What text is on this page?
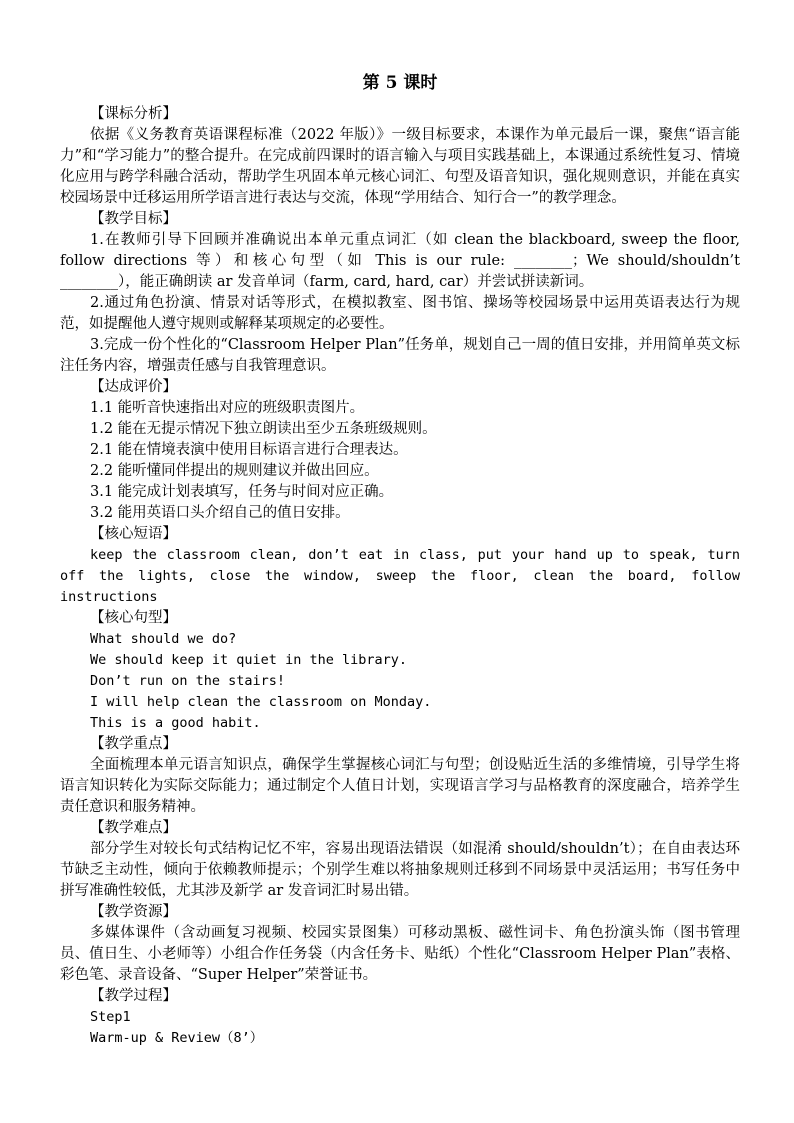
第 5 课时
【课标分析】

依据《义务教育英语课程标准（2022 年版）》一级目标要求，本课作为单元最后一课，聚焦“语言能力”和“学习能力”的整合提升。在完成前四课时的语言输入与项目实践基础上，本课通过系统性复习、情境化应用与跨学科融合活动，帮助学生巩固本单元核心词汇、句型及语音知识，强化规则意识，并能在真实校园场景中迁移运用所学语言进行表达与交流，体现“学用结合、知行合一”的教学理念。

【教学目标】

1.在教师引导下回顾并准确说出本单元重点词汇（如 clean the blackboard, sweep the floor, follow directions 等）和核心句型（如 This is our rule: ________；We should/shouldn’t ________），能正确朗读 ar 发音单词（farm, card, hard, car）并尝试拼读新词。

2.通过角色扮演、情景对话等形式，在模拟教室、图书馆、操场等校园场景中运用英语表达行为规范，如提醒他人遵守规则或解释某项规定的必要性。

3.完成一份个性化的“Classroom Helper Plan”任务单，规划自己一周的值日安排，并用简单英文标注任务内容，增强责任感与自我管理意识。

【达成评价】

1.1 能听音快速指出对应的班级职责图片。

1.2 能在无提示情况下独立朗读出至少五条班级规则。

2.1 能在情境表演中使用目标语言进行合理表达。

2.2 能听懂同伴提出的规则建议并做出回应。

3.1 能完成计划表填写，任务与时间对应正确。

3.2 能用英语口头介绍自己的值日安排。

【核心短语】

keep the classroom clean, don’t eat in class, put your hand up to speak, turn off the lights, close the window, sweep the floor, clean the board, follow instructions

【核心句型】

What should we do?

We should keep it quiet in the library.

Don’t run on the stairs!

I will help clean the classroom on Monday.

This is a good habit.

【教学重点】

全面梳理本单元语言知识点，确保学生掌握核心词汇与句型；创设贴近生活的多维情境，引导学生将语言知识转化为实际交际能力；通过制定个人值日计划，实现语言学习与品格教育的深度融合，培养学生责任意识和服务精神。

【教学难点】

部分学生对较长句式结构记忆不牢，容易出现语法错误（如混淆 should/shouldn’t）；在自由表达环节缺乏主动性，倾向于依赖教师提示；个别学生难以将抽象规则迁移到不同场景中灵活运用；书写任务中拼写准确性较低，尤其涉及新学 ar 发音词汇时易出错。

【教学资源】

多媒体课件（含动画复习视频、校园实景图集）可移动黑板、磁性词卡、角色扮演头饰（图书管理员、值日生、小老师等）小组合作任务袋（内含任务卡、贴纸）个性化“Classroom Helper Plan”表格、彩色笔、录音设备、“Super Helper”荣誉证书。

【教学过程】

Step1

Warm-up & Review（8’）
